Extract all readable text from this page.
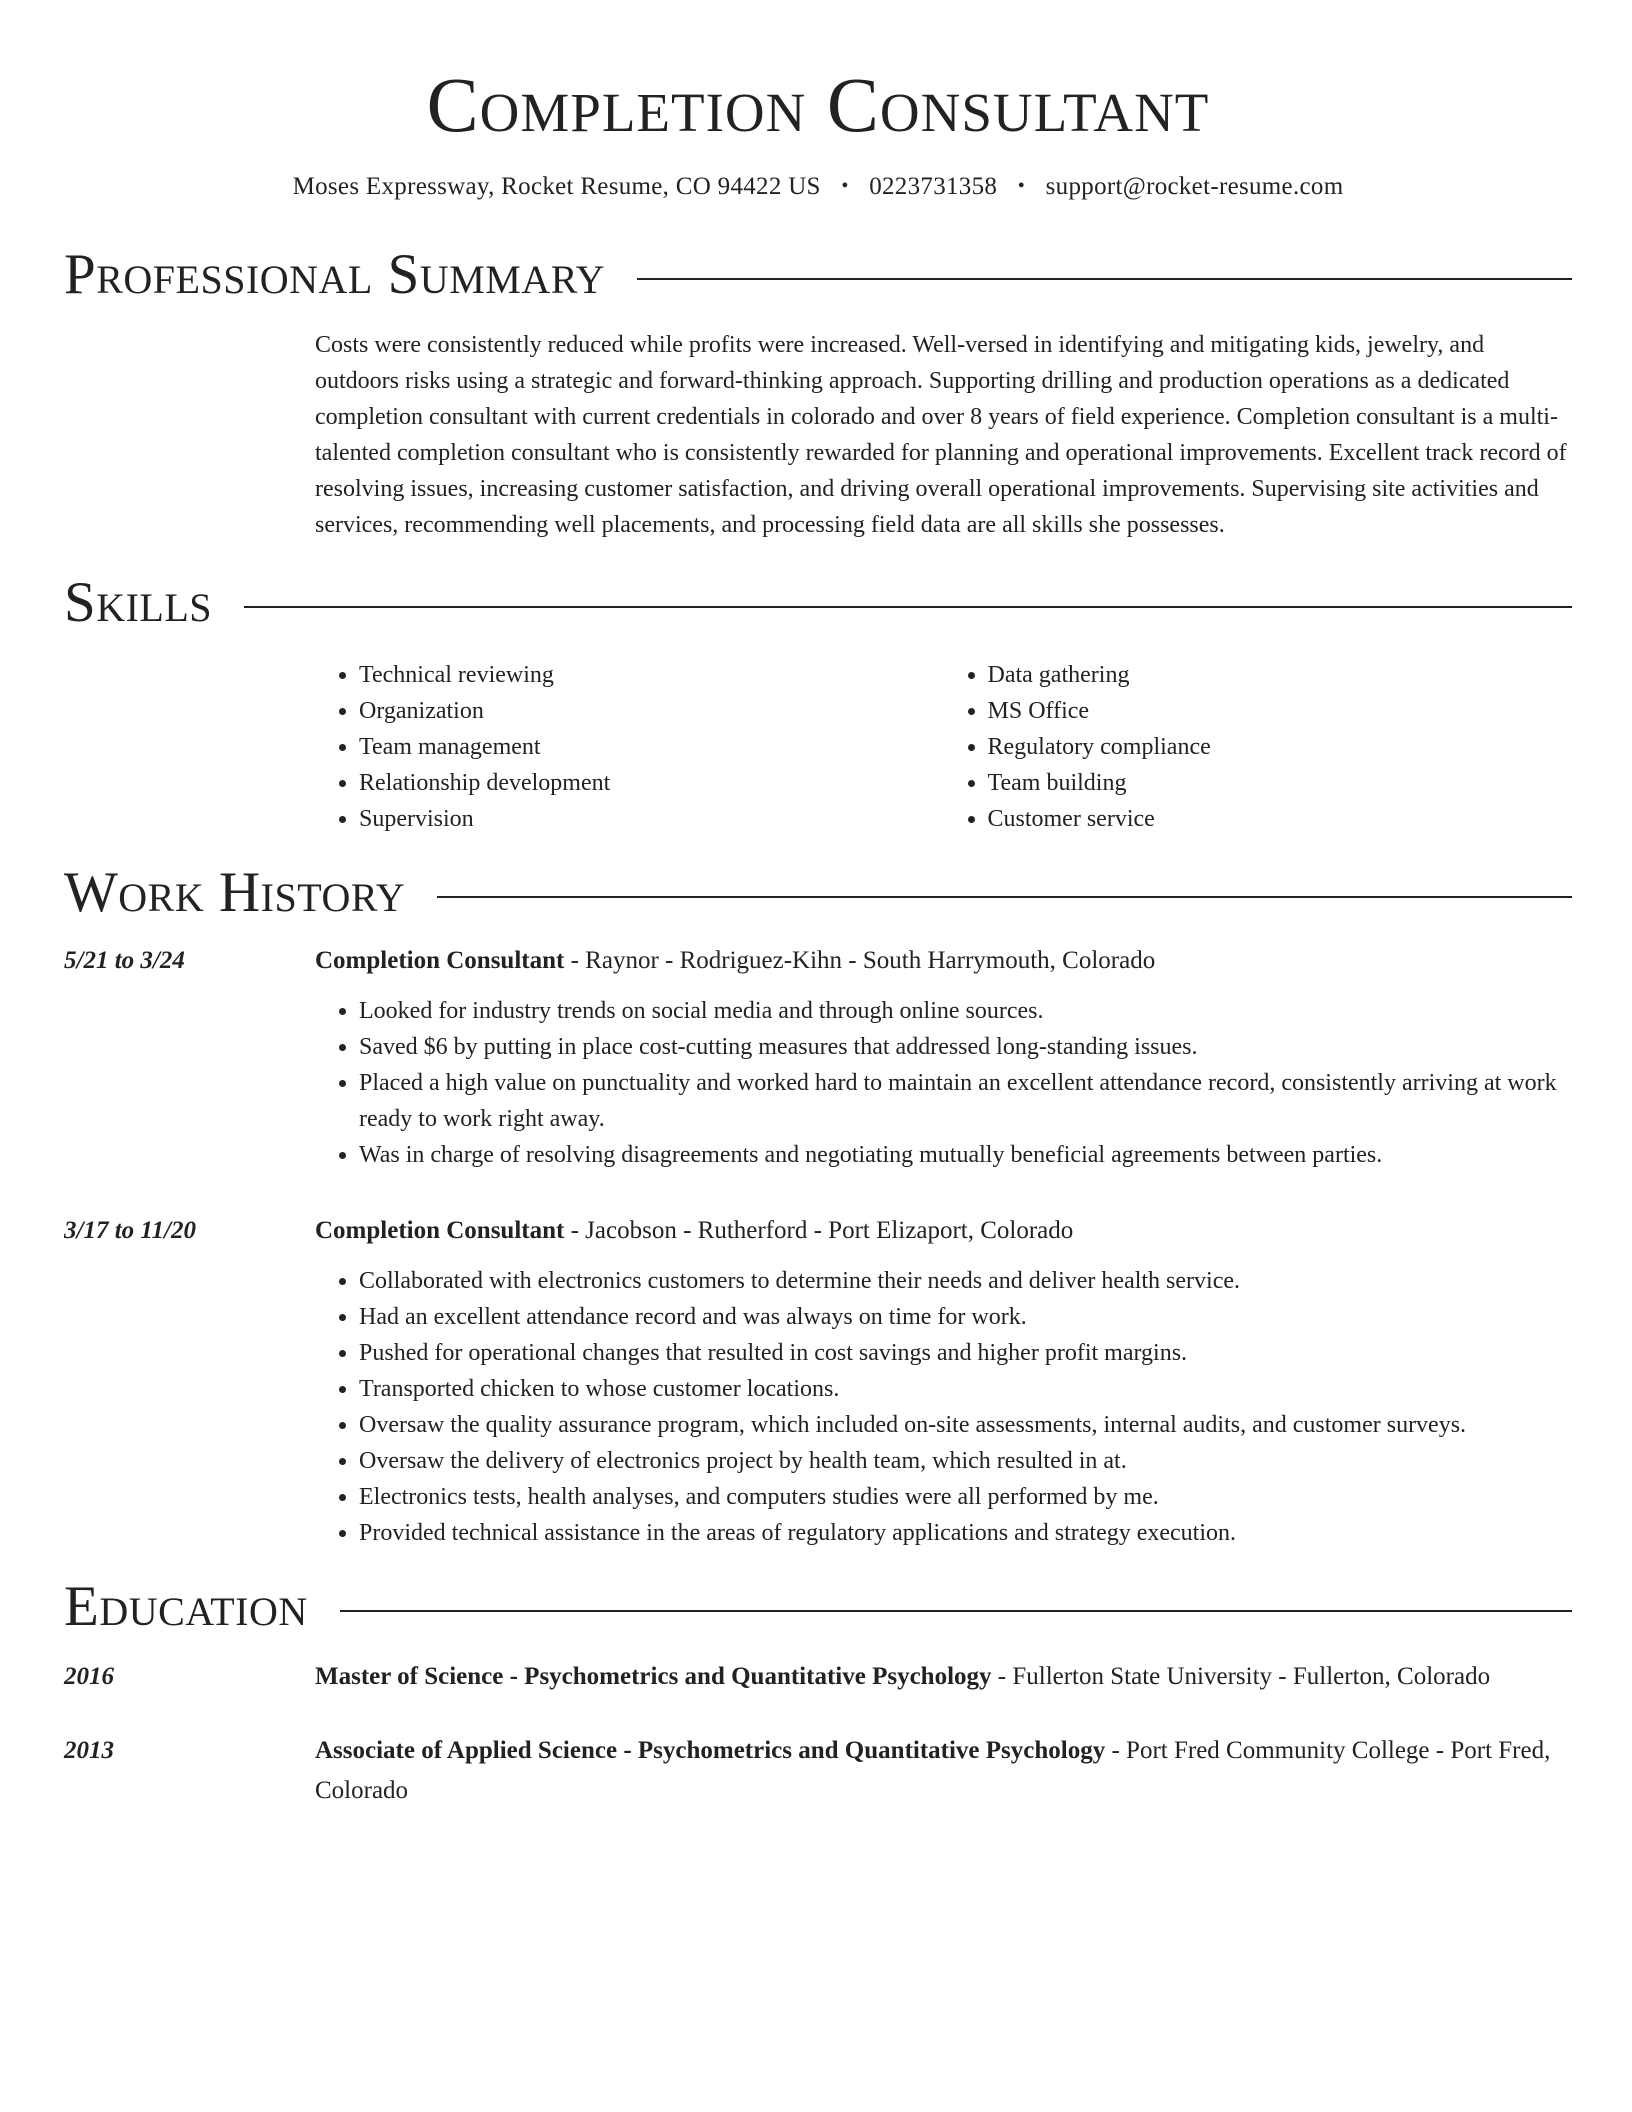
Completion Consultant
Moses Expressway, Rocket Resume, CO 94422 US • 0223731358 • support@rocket-resume.com
Professional Summary
Costs were consistently reduced while profits were increased. Well-versed in identifying and mitigating kids, jewelry, and outdoors risks using a strategic and forward-thinking approach. Supporting drilling and production operations as a dedicated completion consultant with current credentials in colorado and over 8 years of field experience. Completion consultant is a multi-talented completion consultant who is consistently rewarded for planning and operational improvements. Excellent track record of resolving issues, increasing customer satisfaction, and driving overall operational improvements. Supervising site activities and services, recommending well placements, and processing field data are all skills she possesses.
Skills
• Technical reviewing
• Organization
• Team management
• Relationship development
• Supervision
• Data gathering
• MS Office
• Regulatory compliance
• Team building
• Customer service
Work History
5/21 to 3/24	Completion Consultant - Raynor - Rodriguez-Kihn - South Harrymouth, Colorado
• Looked for industry trends on social media and through online sources.
• Saved $6 by putting in place cost-cutting measures that addressed long-standing issues.
• Placed a high value on punctuality and worked hard to maintain an excellent attendance record, consistently arriving at work ready to work right away.
• Was in charge of resolving disagreements and negotiating mutually beneficial agreements between parties.
3/17 to 11/20	Completion Consultant - Jacobson - Rutherford - Port Elizaport, Colorado
• Collaborated with electronics customers to determine their needs and deliver health service.
• Had an excellent attendance record and was always on time for work.
• Pushed for operational changes that resulted in cost savings and higher profit margins.
• Transported chicken to whose customer locations.
• Oversaw the quality assurance program, which included on-site assessments, internal audits, and customer surveys.
• Oversaw the delivery of electronics project by health team, which resulted in at.
• Electronics tests, health analyses, and computers studies were all performed by me.
• Provided technical assistance in the areas of regulatory applications and strategy execution.
Education
2016	Master of Science - Psychometrics and Quantitative Psychology - Fullerton State University - Fullerton, Colorado
2013	Associate of Applied Science - Psychometrics and Quantitative Psychology - Port Fred Community College - Port Fred, Colorado
